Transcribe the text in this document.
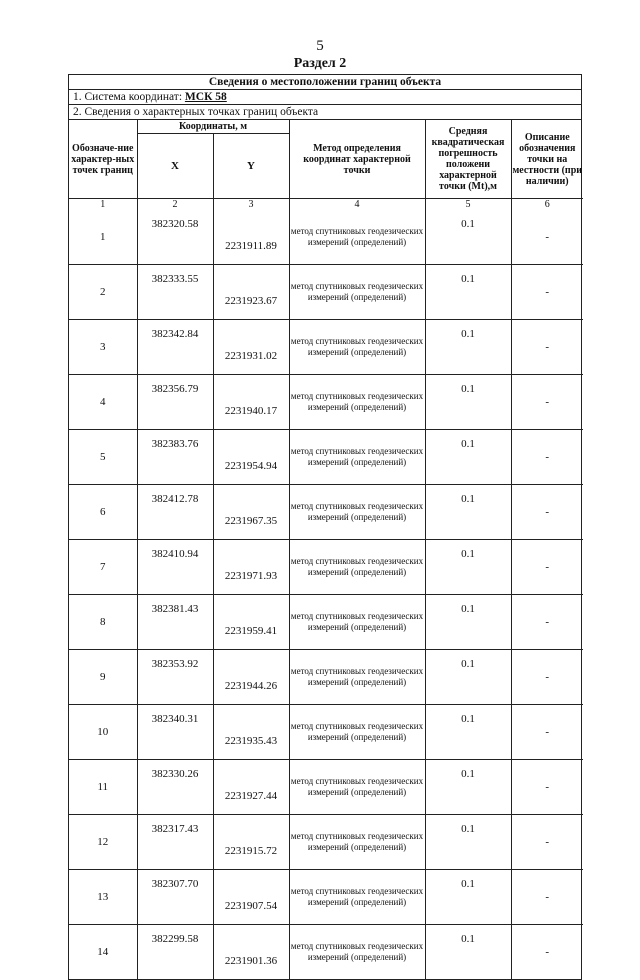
5
Раздел 2
Сведения о местоположении границ объекта
1. Система координат: МСК 58
2. Сведения о характерных точках границ объекта
Обозначе-ние характер-ных точек границ	Координаты, м		Метод определения координат характерной точки	Средняя квадратическая погрешность положени характерной точки (Mt),м	Описание обозначения точки на местности (при наличии)
	X	Y			
1	2	3	4	5	6
1	382320.58	2231911.89	метод спутниковых геодезических измерений (определений)	0.1	-
2	382333.55	2231923.67	метод спутниковых геодезических измерений (определений)	0.1	-
3	382342.84	2231931.02	метод спутниковых геодезических измерений (определений)	0.1	-
4	382356.79	2231940.17	метод спутниковых геодезических измерений (определений)	0.1	-
5	382383.76	2231954.94	метод спутниковых геодезических измерений (определений)	0.1	-
6	382412.78	2231967.35	метод спутниковых геодезических измерений (определений)	0.1	-
7	382410.94	2231971.93	метод спутниковых геодезических измерений (определений)	0.1	-
8	382381.43	2231959.41	метод спутниковых геодезических измерений (определений)	0.1	-
9	382353.92	2231944.26	метод спутниковых геодезических измерений (определений)	0.1	-
10	382340.31	2231935.43	метод спутниковых геодезических измерений (определений)	0.1	-
11	382330.26	2231927.44	метод спутниковых геодезических измерений (определений)	0.1	-
12	382317.43	2231915.72	метод спутниковых геодезических измерений (определений)	0.1	-
13	382307.70	2231907.54	метод спутниковых геодезических измерений (определений)	0.1	-
14	382299.58	2231901.36	метод спутниковых геодезических измерений (определений)	0.1	-
